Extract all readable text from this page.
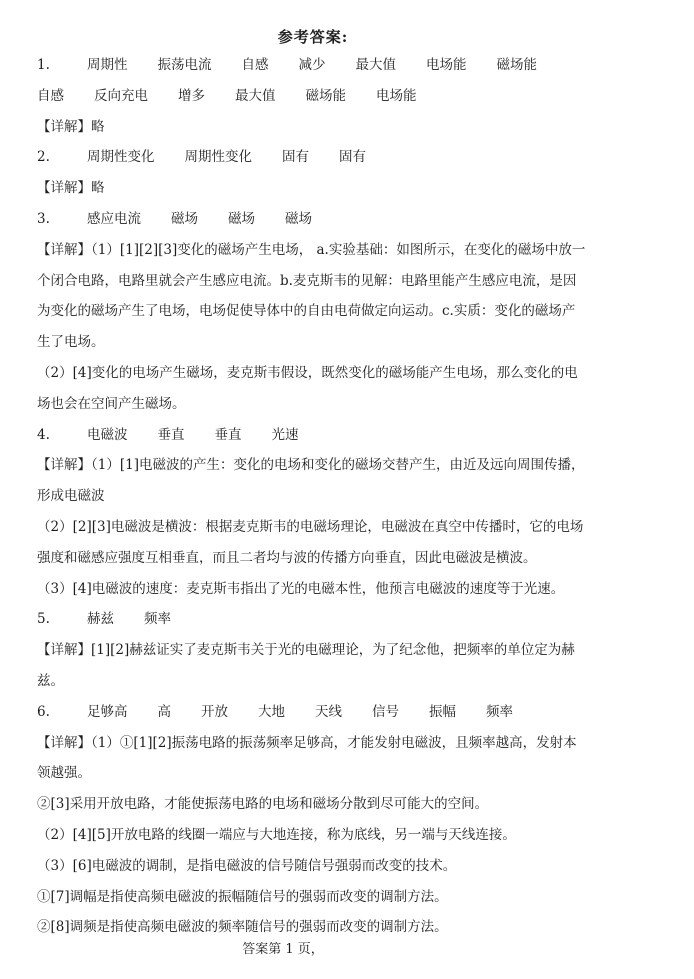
参考答案:
1.	周期性 振荡电流 自感 减少 最大值 电场能 磁场能
自感 反向充电 增多 最大值 磁场能 电场能
【详解】略
2.	周期性变化 周期性变化 固有 固有
【详解】略
3.	感应电流 磁场 磁场 磁场
【详解】（1）[1][2][3]变化的磁场产生电场， a.实验基础：如图所示，在变化的磁场中放一
个闭合电路，电路里就会产生感应电流。b.麦克斯韦的见解：电路里能产生感应电流，是因
为变化的磁场产生了电场，电场促使导体中的自由电荷做定向运动。c.实质：变化的磁场产
生了电场。
（2）[4]变化的电场产生磁场，麦克斯韦假设，既然变化的磁场能产生电场，那么变化的电
场也会在空间产生磁场。
4.	电磁波 垂直 垂直 光速
【详解】（1）[1]电磁波的产生：变化的电场和变化的磁场交替产生，由近及远向周围传播，
形成电磁波
（2）[2][3]电磁波是横波：根据麦克斯韦的电磁场理论，电磁波在真空中传播时，它的电场
强度和磁感应强度互相垂直，而且二者均与波的传播方向垂直，因此电磁波是横波。
（3）[4]电磁波的速度：麦克斯韦指出了光的电磁本性，他预言电磁波的速度等于光速。
5.	赫兹 频率
【详解】[1][2]赫兹证实了麦克斯韦关于光的电磁理论，为了纪念他，把频率的单位定为赫
兹。
6.	足够高 高 开放 大地 天线 信号 振幅 频率
【详解】（1）①[1][2]振荡电路的振荡频率足够高，才能发射电磁波，且频率越高，发射本
领越强。
②[3]采用开放电路，才能使振荡电路的电场和磁场分散到尽可能大的空间。
（2）[4][5]开放电路的线圈一端应与大地连接，称为底线，另一端与天线连接。
（3）[6]电磁波的调制，是指电磁波的信号随信号强弱而改变的技术。
①[7]调幅是指使高频电磁波的振幅随信号的强弱而改变的调制方法。
②[8]调频是指使高频电磁波的频率随信号的强弱而改变的调制方法。
答案第 1 页，
